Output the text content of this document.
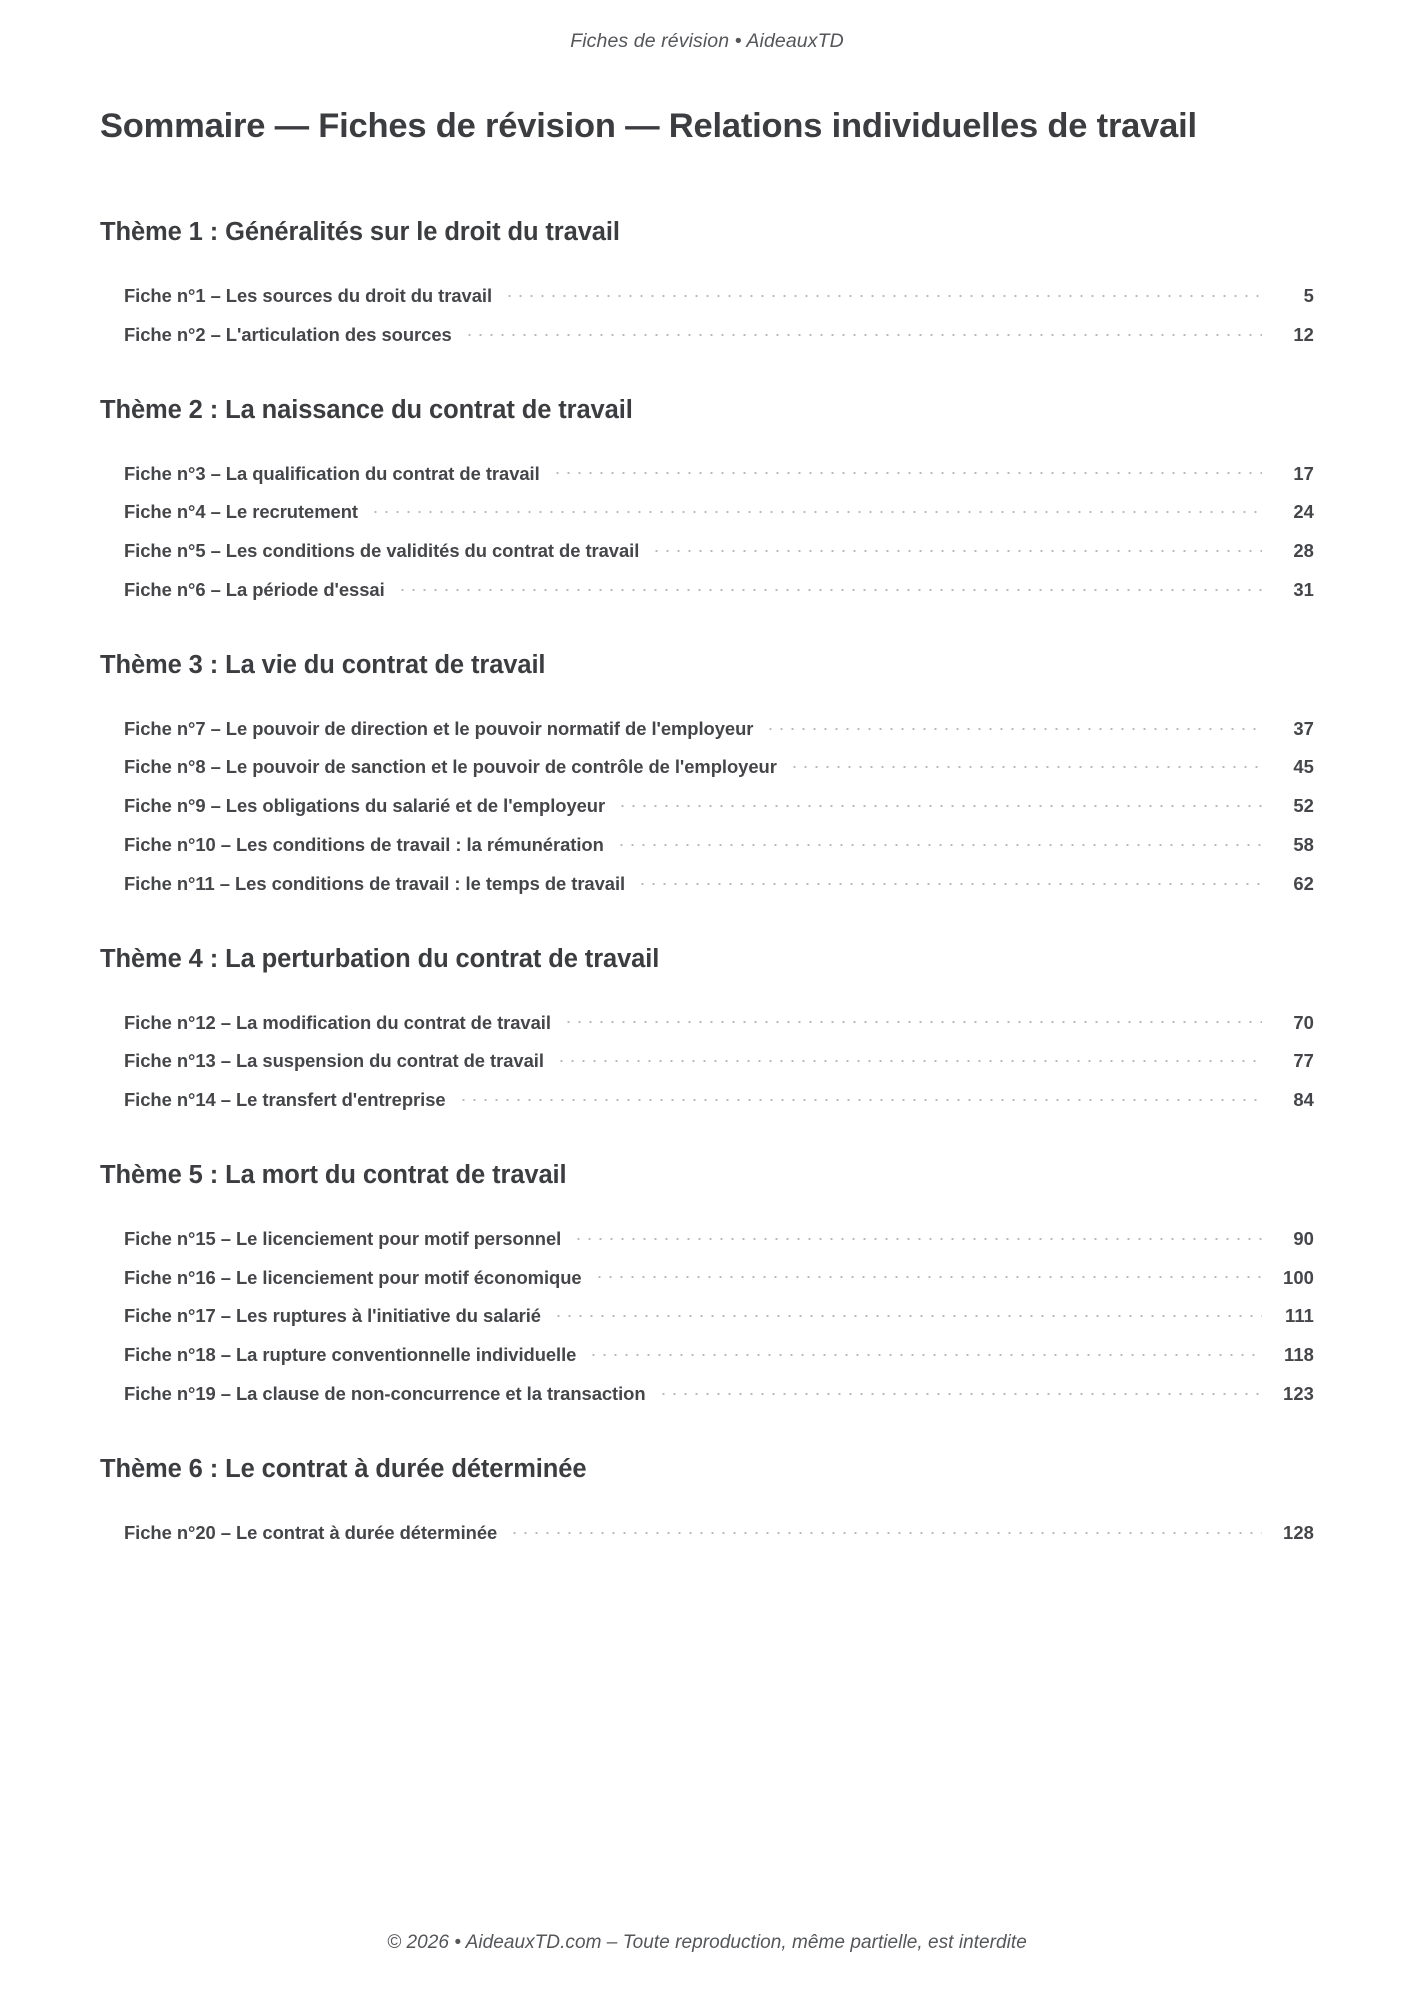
Fiches de révision • AideauxTD
Sommaire — Fiches de révision — Relations individuelles de travail
Thème 1 : Généralités sur le droit du travail
Fiche n°1 – Les sources du droit du travail	5
Fiche n°2 – L'articulation des sources	12
Thème 2 : La naissance du contrat de travail
Fiche n°3 – La qualification du contrat de travail	17
Fiche n°4 – Le recrutement	24
Fiche n°5 – Les conditions de validités du contrat de travail	28
Fiche n°6 – La période d'essai	31
Thème 3 : La vie du contrat de travail
Fiche n°7 – Le pouvoir de direction et le pouvoir normatif de l'employeur	37
Fiche n°8 – Le pouvoir de sanction et le pouvoir de contrôle de l'employeur	45
Fiche n°9 – Les obligations du salarié et de l'employeur	52
Fiche n°10 – Les conditions de travail : la rémunération	58
Fiche n°11 – Les conditions de travail : le temps de travail	62
Thème 4 : La perturbation du contrat de travail
Fiche n°12 – La modification du contrat de travail	70
Fiche n°13 – La suspension du contrat de travail	77
Fiche n°14 – Le transfert d'entreprise	84
Thème 5 : La mort du contrat de travail
Fiche n°15 – Le licenciement pour motif personnel	90
Fiche n°16 – Le licenciement pour motif économique	100
Fiche n°17 – Les ruptures à l'initiative du salarié	111
Fiche n°18 – La rupture conventionnelle individuelle	118
Fiche n°19 – La clause de non-concurrence et la transaction	123
Thème 6 : Le contrat à durée déterminée
Fiche n°20 – Le contrat à durée déterminée	128
© 2026 • AideauxTD.com – Toute reproduction, même partielle, est interdite
